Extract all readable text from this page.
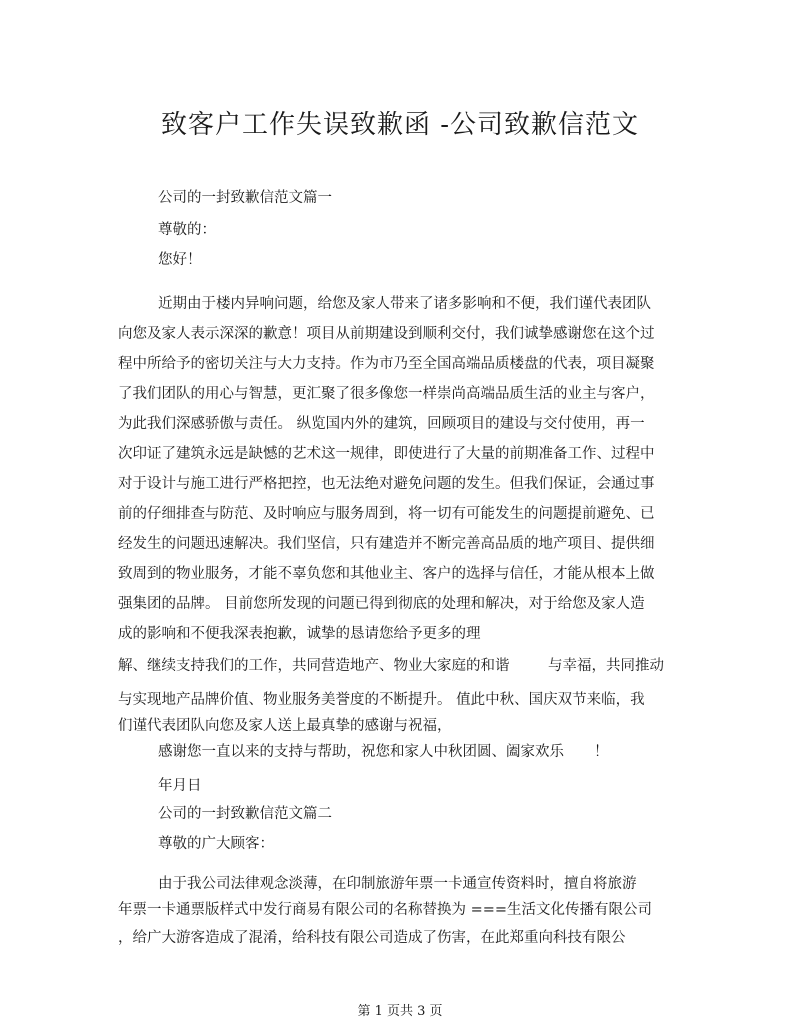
致客户工作失误致歉函 -公司致歉信范文
公司的一封致歉信范文篇一
尊敬的：
您好！
近期由于楼内异响问题，给您及家人带来了诸多影响和不便，我们谨代表团队
向您及家人表示深深的歉意！项目从前期建设到顺利交付，我们诚挚感谢您在这个过
程中所给予的密切关注与大力支持。作为市乃至全国高端品质楼盘的代表，项目凝聚
了我们团队的用心与智慧，更汇聚了很多像您一样崇尚高端品质生活的业主与客户，
为此我们深感骄傲与责任。 纵览国内外的建筑，回顾项目的建设与交付使用，再一
次印证了建筑永远是缺憾的艺术这一规律，即使进行了大量的前期准备工作、过程中
对于设计与施工进行严格把控，也无法绝对避免问题的发生。但我们保证，会通过事
前的仔细排查与防范、及时响应与服务周到，将一切有可能发生的问题提前避免、已
经发生的问题迅速解决。我们坚信，只有建造并不断完善高品质的地产项目、提供细
致周到的物业服务，才能不辜负您和其他业主、客户的选择与信任，才能从根本上做
强集团的品牌。 目前您所发现的问题已得到彻底的处理和解决，对于给您及家人造
成的影响和不便我深表抱歉，诚挚的恳请您给予更多的理
解、继续支持我们的工作，共同营造地产、物业大家庭的和谐	与幸福，共同推动
与实现地产品牌价值、物业服务美誉度的不断提升。 值此中秋、国庆双节来临，我
们谨代表团队向您及家人送上最真挚的感谢与祝福，
感谢您一直以来的支持与帮助，祝您和家人中秋团圆、阖家欢乐 ！
年月日
公司的一封致歉信范文篇二
尊敬的广大顾客：
由于我公司法律观念淡薄，在印制旅游年票一卡通宣传资料时，擅自将旅游
年票一卡通票版样式中发行商易有限公司的名称替换为 ===生活文化传播有限公司
，给广大游客造成了混淆，给科技有限公司造成了伤害，在此郑重向科技有限公
第 1 页共 3 页
